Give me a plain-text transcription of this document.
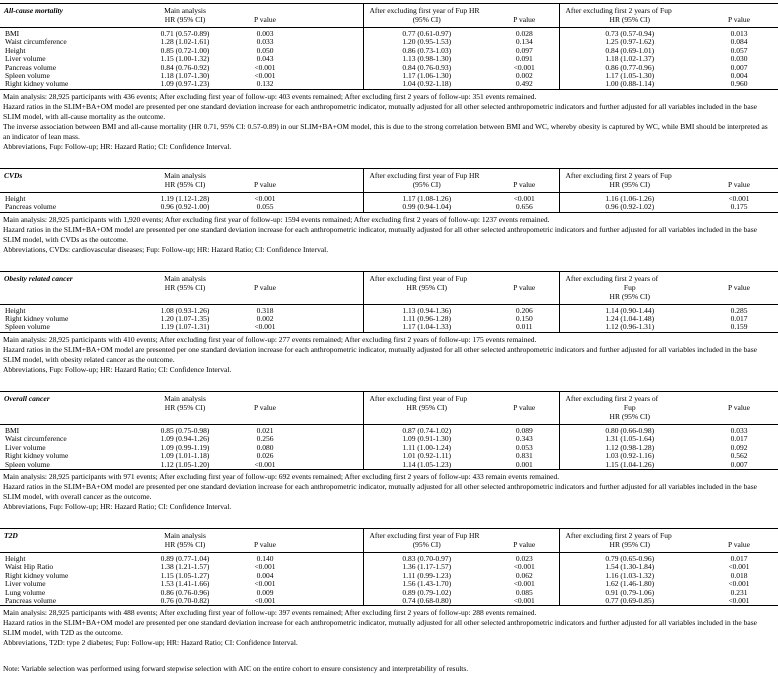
All-cause mortality	Main analysis
HR (95% CI)	P value

After excluding first year of Fup HR
(95% CI)	P value

After excluding first 2 years of Fup
HR (95% CI)	P value

BMI	0.71 (0.57-0.89)	0.003		0.77 (0.61-0.97)	0.028	0.73 (0.57-0.94)	0.013
Waist circumference	1.28 (1.02-1.61)	0.033		1.20 (0.95-1.53)	0.134	1.25 (0.97-1.62)	0.084
Height	0.85 (0.72-1.00)	0.050		0.86 (0.73-1.03)	0.097	0.84 (0.69-1.01)	0.057
Liver volume	1.15 (1.00-1.32)	0.043		1.13 (0.98-1.30)	0.091	1.18 (1.02-1.37)	0.030
Pancreas volume	0.84 (0.76-0.92)	<0.001		0.84 (0.76-0.93)	<0.001	0.86 (0.77-0.96)	0.007
Spleen volume	1.18 (1.07-1.30)	<0.001		1.17 (1.06-1.30)	0.002	1.17 (1.05-1.30)	0.004
Right kidney volume	1.09 (0.97-1.23)	0.132		1.04 (0.92-1.18)	0.492	1.00 (0.88-1.14)	0.960

Main analysis: 28,925 participants with 436 events; After excluding first year of follow-up: 403 events remained; After excluding first 2 years of follow-up: 351 events remained.

Hazard ratios in the SLIM+BA+OM model are presented per one standard deviation increase for each anthropometric indicator, mutually adjusted for all other selected anthropometric indicators and further adjusted for all variables included in the base SLIM model, with all-cause mortality as the outcome.

The inverse association between BMI and all-cause mortality (HR 0.71, 95% CI: 0.57-0.89) in our SLIM+BA+OM model, this is due to the strong correlation between BMI and WC, whereby obesity is captured by WC, while BMI should be interpreted as an indicator of lean mass.

Abbreviations, Fup: Follow-up; HR: Hazard Ratio; CI: Confidence Interval.

CVDs	Main analysis
HR (95% CI)	P value

After excluding first year of Fup HR
(95% CI)	P value

After excluding first 2 years of Fup
HR (95% CI)	P value

Height	1.19 (1.12-1.28)	<0.001		1.17 (1.08-1.26)	<0.001	1.16 (1.06-1.26)	<0.001
Pancreas volume	0.96 (0.92-1.00)	0.055		0.99 (0.94-1.04)	0.656	0.96 (0.92-1.02)	0.175

Main analysis: 28,925 participants with 1,920 events; After excluding first year of follow-up: 1594 events remained; After excluding first 2 years of follow-up: 1237 events remained.

Hazard ratios in the SLIM+BA+OM model are presented per one standard deviation increase for each anthropometric indicator, mutually adjusted for all other selected anthropometric indicators and further adjusted for all variables included in the base SLIM model, with CVDs as the outcome.

Abbreviations, CVDs: cardiovascular diseases; Fup: Follow-up; HR: Hazard Ratio; CI: Confidence Interval.

Obesity related cancer	Main analysis
HR (95% CI)	P value

After excluding first year of Fup
HR (95% CI)	P value

After excluding first 2 years of
Fup
HR (95% CI)

P value

Height	1.08 (0.93-1.26)	0.318		1.13 (0.94-1.36)	0.206	1.14 (0.90-1.44)	0.285
Right kidney volume	1.20 (1.07-1.35)	0.002		1.11 (0.96-1.28)	0.150	1.24 (1.04-1.48)	0.017
Spleen volume	1.19 (1.07-1.31)	<0.001		1.17 (1.04-1.33)	0.011	1.12 (0.96-1.31)	0.159

Main analysis: 28,925 participants with 410 events; After excluding first year of follow-up: 277 events remained; After excluding first 2 years of follow-up: 175 events remained.

Hazard ratios in the SLIM+BA+OM model are presented per one standard deviation increase for each anthropometric indicator, mutually adjusted for all other selected anthropometric indicators and further adjusted for all variables included in the base SLIM model, with obesity related cancer as the outcome.

Abbreviations, Fup: Follow-up; HR: Hazard Ratio; CI: Confidence Interval.

Overall cancer	Main analysis
HR (95% CI)	P value

After excluding first year of Fup
HR (95% CI)	P value

After excluding first 2 years of
Fup
HR (95% CI)

P value

BMI	0.85 (0.75-0.98)	0.021		0.87 (0.74-1.02)	0.089	0.80 (0.66-0.98)	0.033
Waist circumference	1.09 (0.94-1.26)	0.256		1.09 (0.91-1.30)	0.343	1.31 (1.05-1.64)	0.017
Liver volume	1.09 (0.99-1.19)	0.080		1.11 (1.00-1.24)	0.053	1.12 (0.98-1.28)	0.092
Right kidney volume	1.09 (1.01-1.18)	0.026		1.01 (0.92-1.11)	0.831	1.03 (0.92-1.16)	0.562
Spleen volume	1.12 (1.05-1.20)	<0.001		1.14 (1.05-1.23)	0.001	1.15 (1.04-1.26)	0.007

Main analysis: 28,925 participants with 971 events; After excluding first year of follow-up: 692 events remained; After excluding first 2 years of follow-up: 433 remain events remained.

Hazard ratios in the SLIM+BA+OM model are presented per one standard deviation increase for each anthropometric indicator, mutually adjusted for all other selected anthropometric indicators and further adjusted for all variables included in the base SLIM model, with overall cancer as the outcome.

Abbreviations, Fup: Follow-up; HR: Hazard Ratio; CI: Confidence Interval.

T2D	Main analysis
HR (95% CI)	P value

After excluding first year of Fup HR
(95% CI)	P value

After excluding first 2 years of Fup
HR (95% CI)	P value

Height	0.89 (0.77-1.04)	0.140		0.83 (0.70-0.97)	0.023	0.79 (0.65-0.96)	0.017
Waist Hip Ratio	1.38 (1.21-1.57)	<0.001		1.36 (1.17-1.57)	<0.001	1.54 (1.30-1.84)	<0.001
Right kidney volume	1.15 (1.05-1.27)	0.004		1.11 (0.99-1.23)	0.062	1.16 (1.03-1.32)	0.018
Liver volume	1.53 (1.41-1.66)	<0.001		1.56 (1.43-1.70)	<0.001	1.62 (1.46-1.80)	<0.001
Lung volume	0.86 (0.76-0.96)	0.009		0.89 (0.79-1.02)	0.085	0.91 (0.79-1.06)	0.231
Pancreas volume	0.76 (0.70-0.82)	<0.001		0.74 (0.68-0.80)	<0.001	0.77 (0.69-0.85)	<0.001

Main analysis: 28,925 participants with 488 events; After excluding first year of follow-up: 397 events remained; After excluding first 2 years of follow-up: 288 events remained.

Hazard ratios in the SLIM+BA+OM model are presented per one standard deviation increase for each anthropometric indicator, mutually adjusted for all other selected anthropometric indicators and further adjusted for all variables included in the base SLIM model, with T2D as the outcome.

Abbreviations, T2D: type 2 diabetes; Fup: Follow-up; HR: Hazard Ratio; CI: Confidence Interval.

Note: Variable selection was performed using forward stepwise selection with AIC on the entire cohort to ensure consistency and interpretability of results.
